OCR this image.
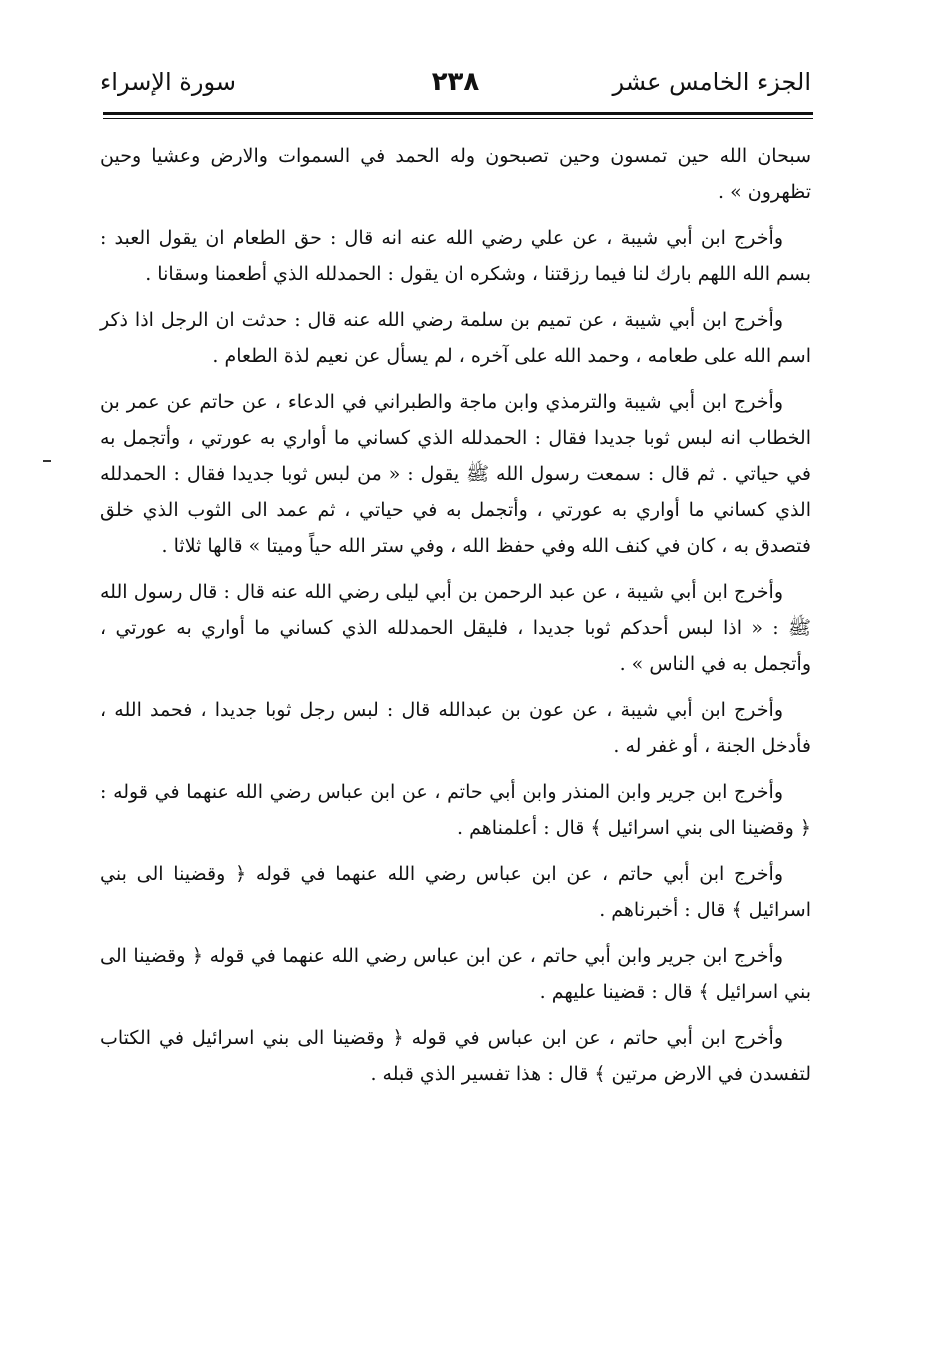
الجزء الخامس عشر
٢٣٨
سورة الإسراء

سبحان الله حين تمسون وحين تصبحون وله الحمد في السموات والارض وعشيا وحين تظهرون » .

وأخرج ابن أبي شيبة ، عن علي رضي الله عنه انه قال : حق الطعام ان يقول العبد : بسم الله اللهم بارك لنا فيما رزقتنا ، وشكره ان يقول : الحمدلله الذي أطعمنا وسقانا .

وأخرج ابن أبي شيبة ، عن تميم بن سلمة رضي الله عنه قال : حدثت ان الرجل اذا ذكر اسم الله على طعامه ، وحمد الله على آخره ، لم يسأل عن نعيم لذة الطعام .

وأخرج ابن أبي شيبة والترمذي وابن ماجة والطبراني في الدعاء ، عن حاتم عن عمر بن الخطاب انه لبس ثوبا جديدا فقال : الحمدلله الذي كساني ما أواري به عورتي ، وأتجمل به في حياتي . ثم قال : سمعت رسول الله ﷺ يقول : « من لبس ثوبا جديدا فقال : الحمدلله الذي كساني ما أواري به عورتي ، وأتجمل به في حياتي ، ثم عمد الى الثوب الذي خلق فتصدق به ، كان في كنف الله وفي حفظ الله ، وفي ستر الله حياً وميتا » قالها ثلاثا .

وأخرج ابن أبي شيبة ، عن عبد الرحمن بن أبي ليلى رضي الله عنه قال : قال رسول الله ﷺ : « اذا لبس أحدكم ثوبا جديدا ، فليقل الحمدلله الذي كساني ما أواري به عورتي ، وأتجمل به في الناس » .

وأخرج ابن أبي شيبة ، عن عون بن عبدالله قال : لبس رجل ثوبا جديدا ، فحمد الله ، فأدخل الجنة ، أو غفر له .

وأخرج ابن جرير وابن المنذر وابن أبي حاتم ، عن ابن عباس رضي الله عنهما في قوله : ﴿ وقضينا الى بني اسرائيل ﴾ قال : أعلمناهم .

وأخرج ابن أبي حاتم ، عن ابن عباس رضي الله عنهما في قوله ﴿ وقضينا الى بني اسرائيل ﴾ قال : أخبرناهم .

وأخرج ابن جرير وابن أبي حاتم ، عن ابن عباس رضي الله عنهما في قوله ﴿ وقضينا الى بني اسرائيل ﴾ قال : قضينا عليهم .

وأخرج ابن أبي حاتم ، عن ابن عباس في قوله ﴿ وقضينا الى بني اسرائيل في الكتاب لتفسدن في الارض مرتين ﴾ قال : هذا تفسير الذي قبله .
